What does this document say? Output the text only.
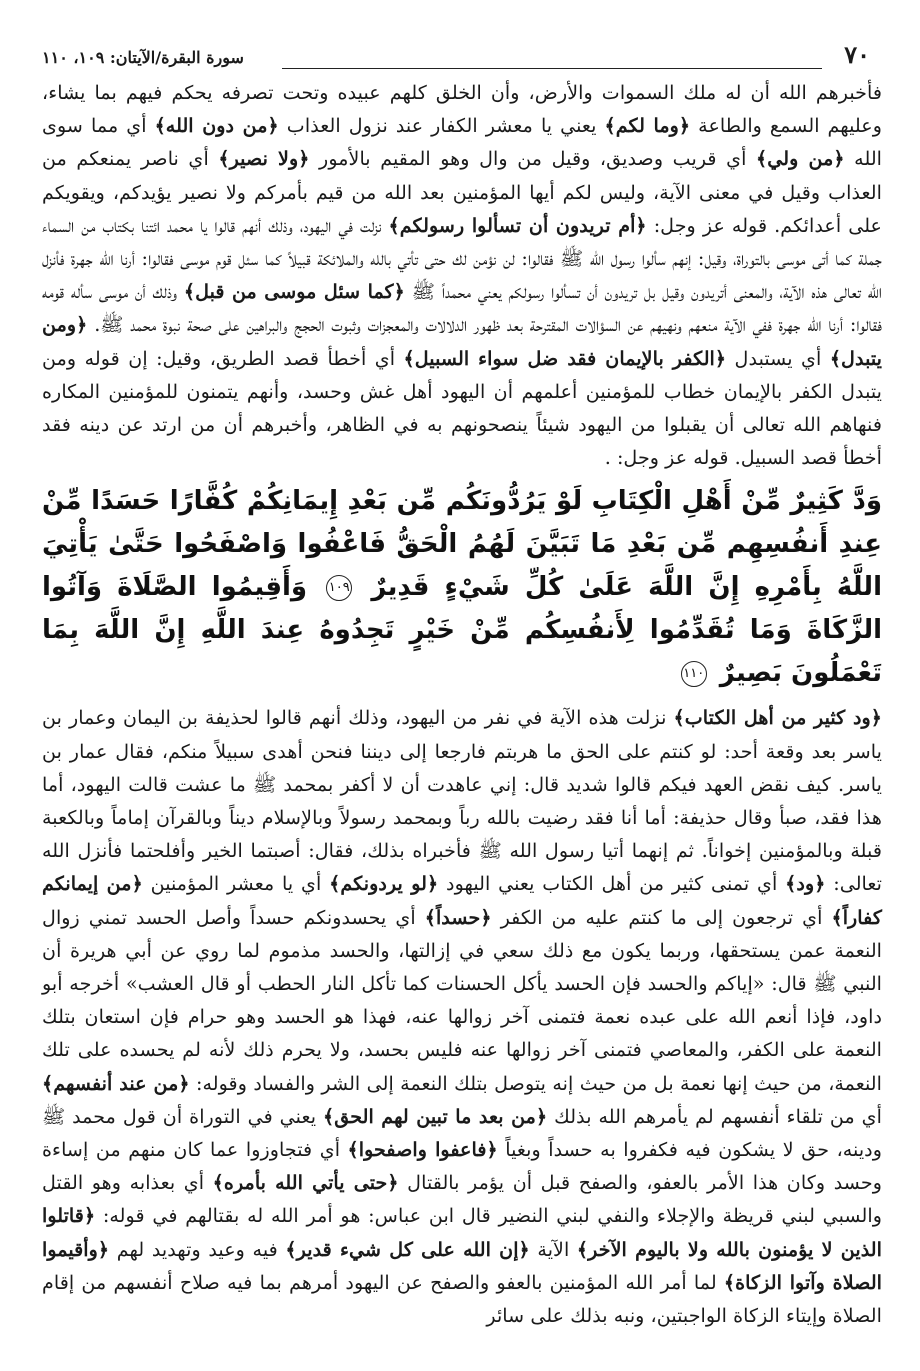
٧٠
سورة البقرة/الآيتان: ١٠٩، ١١٠

فأخبرهم الله أن له ملك السموات والأرض، وأن الخلق كلهم عبيده وتحت تصرفه يحكم فيهم بما يشاء، وعليهم السمع والطاعة ﴿وما لكم﴾ يعني يا معشر الكفار عند نزول العذاب ﴿من دون الله﴾ أي مما سوى الله ﴿من ولي﴾ أي قريب وصديق، وقيل من وال وهو المقيم بالأمور ﴿ولا نصير﴾ أي ناصر يمنعكم من العذاب وقيل في معنى الآية، وليس لكم أيها المؤمنين بعد الله من قيم بأمركم ولا نصير يؤيدكم، ويقويكم على أعدائكم. قوله عز وجل: ﴿أم تريدون أن تسألوا رسولكم﴾ نزلت في اليهود، وذلك أنهم قالوا يا محمد ائتنا بكتاب من السماء جملة كما أتى موسى بالتوراة، وقيل: إنهم سألوا رسول الله ﷺ فقالوا: لن نؤمن لك حتى تأتي بالله والملائكة قبيلاً كما سئل قوم موسى فقالوا: أرنا الله جهرة فأنزل الله تعالى هذه الآية، والمعنى أتريدون وقيل بل تريدون أن تسألوا رسولكم يعني محمداً ﷺ ﴿كما سئل موسى من قبل﴾ وذلك أن موسى سأله قومه فقالوا: أرنا الله جهرة ففي الآية منعهم ونهيهم عن السؤالات المقترحة بعد ظهور الدلالات والمعجزات وثبوت الحجج والبراهين على صحة نبوة محمد ﷺ. ﴿ومن يتبدل﴾ أي يستبدل ﴿الكفر بالإيمان فقد ضل سواء السبيل﴾ أي أخطأ قصد الطريق، وقيل: إن قوله ومن يتبدل الكفر بالإيمان خطاب للمؤمنين أعلمهم أن اليهود أهل غش وحسد، وأنهم يتمنون للمؤمنين المكاره فنهاهم الله تعالى أن يقبلوا من اليهود شيئاً ينصحونهم به في الظاهر، وأخبرهم أن من ارتد عن دينه فقد أخطأ قصد السبيل. قوله عز وجل: .

وَدَّ كَثِيرٌ مِّنْ أَهْلِ الْكِتَابِ لَوْ يَرُدُّونَكُم مِّن بَعْدِ إِيمَانِكُمْ كُفَّارًا حَسَدًا مِّنْ عِندِ أَنفُسِهِم مِّن بَعْدِ مَا تَبَيَّنَ لَهُمُ الْحَقُّ فَاعْفُوا وَاصْفَحُوا حَتَّىٰ يَأْتِيَ اللَّهُ بِأَمْرِهِ إِنَّ اللَّهَ عَلَىٰ كُلِّ شَيْءٍ قَدِيرٌ ١٠٩ وَأَقِيمُوا الصَّلَاةَ وَآتُوا الزَّكَاةَ وَمَا تُقَدِّمُوا لِأَنفُسِكُم مِّنْ خَيْرٍ تَجِدُوهُ عِندَ اللَّهِ إِنَّ اللَّهَ بِمَا تَعْمَلُونَ بَصِيرٌ ١١٠

﴿ود كثير من أهل الكتاب﴾ نزلت هذه الآية في نفر من اليهود، وذلك أنهم قالوا لحذيفة بن اليمان وعمار بن ياسر بعد وقعة أحد: لو كنتم على الحق ما هربتم فارجعا إلى ديننا فنحن أهدى سبيلاً منكم، فقال عمار بن ياسر. كيف نقض العهد فيكم قالوا شديد قال: إني عاهدت أن لا أكفر بمحمد ﷺ ما عشت قالت اليهود، أما هذا فقد، صبأ وقال حذيفة: أما أنا فقد رضيت بالله رباً وبمحمد رسولاً وبالإسلام ديناً وبالقرآن إماماً وبالكعبة قبلة وبالمؤمنين إخواناً. ثم إنهما أتيا رسول الله ﷺ فأخبراه بذلك، فقال: أصبتما الخير وأفلحتما فأنزل الله تعالى: ﴿ود﴾ أي تمنى كثير من أهل الكتاب يعني اليهود ﴿لو يردونكم﴾ أي يا معشر المؤمنين ﴿من إيمانكم كفاراً﴾ أي ترجعون إلى ما كنتم عليه من الكفر ﴿حسداً﴾ أي يحسدونكم حسداً وأصل الحسد تمني زوال النعمة عمن يستحقها، وربما يكون مع ذلك سعي في إزالتها، والحسد مذموم لما روي عن أبي هريرة أن النبي ﷺ قال: «إياكم والحسد فإن الحسد يأكل الحسنات كما تأكل النار الحطب أو قال العشب» أخرجه أبو داود، فإذا أنعم الله على عبده نعمة فتمنى آخر زوالها عنه، فهذا هو الحسد وهو حرام فإن استعان بتلك النعمة على الكفر، والمعاصي فتمنى آخر زوالها عنه فليس بحسد، ولا يحرم ذلك لأنه لم يحسده على تلك النعمة، من حيث إنها نعمة بل من حيث إنه يتوصل بتلك النعمة إلى الشر والفساد وقوله: ﴿من عند أنفسهم﴾ أي من تلقاء أنفسهم لم يأمرهم الله بذلك ﴿من بعد ما تبين لهم الحق﴾ يعني في التوراة أن قول محمد ﷺ ودينه، حق لا يشكون فيه فكفروا به حسداً وبغياً ﴿فاعفوا واصفحوا﴾ أي فتجاوزوا عما كان منهم من إساءة وحسد وكان هذا الأمر بالعفو، والصفح قبل أن يؤمر بالقتال ﴿حتى يأتي الله بأمره﴾ أي بعذابه وهو القتل والسبي لبني قريظة والإجلاء والنفي لبني النضير قال ابن عباس: هو أمر الله له بقتالهم في قوله: ﴿قاتلوا الذين لا يؤمنون بالله ولا باليوم الآخر﴾ الآية ﴿إن الله على كل شيء قدير﴾ فيه وعيد وتهديد لهم ﴿وأقيموا الصلاة وآتوا الزكاة﴾ لما أمر الله المؤمنين بالعفو والصفح عن اليهود أمرهم بما فيه صلاح أنفسهم من إقام الصلاة وإيتاء الزكاة الواجبتين، ونبه بذلك على سائر
